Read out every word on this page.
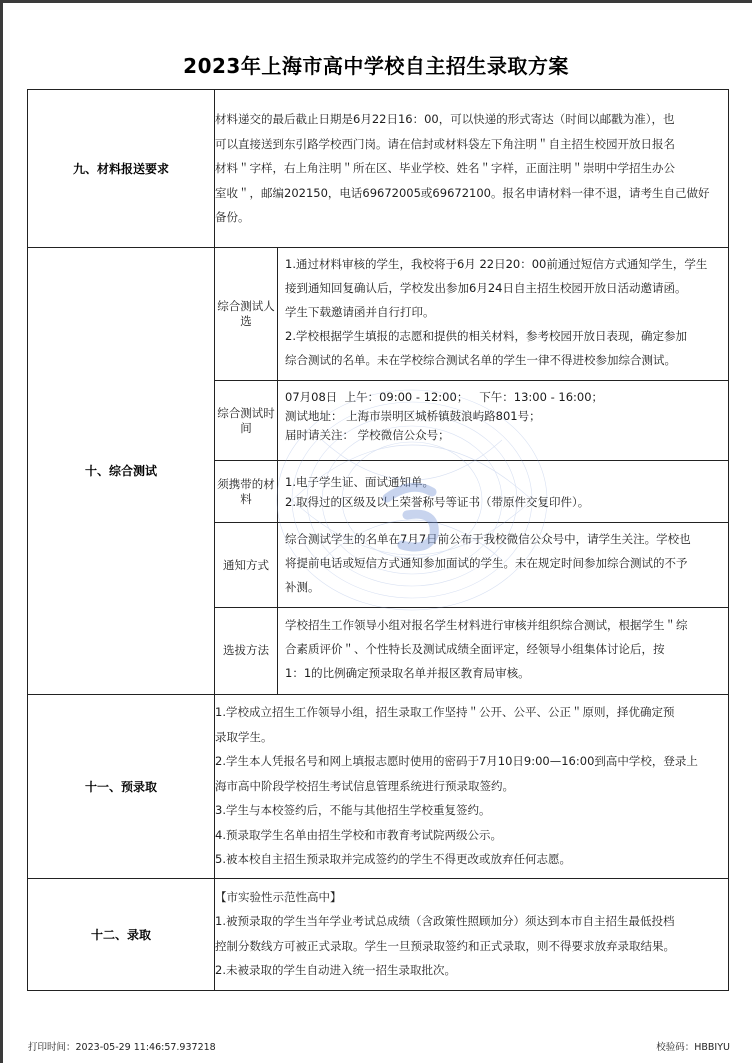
2023年上海市高中学校自主招生录取方案
九、材料报送要求	
材料递交的最后截止日期是6月22日16：00，可以快递的形式寄达（时间以邮戳为准），也
可以直接送到东引路学校西门岗。请在信封或材料袋左下角注明＂自主招生校园开放日报名
材料＂字样，右上角注明＂所在区、毕业学校、姓名＂字样，正面注明＂崇明中学招生办公
室收＂，邮编202150，电话69672005或69672100。报名申请材料一律不退，请考生自己做好
备份。

十、综合测试	
综合测试人选	
1.通过材料审核的学生，我校将于6月 22日20：00前通过短信方式通知学生，学生
接到通知回复确认后，学校发出参加6月24日自主招生校园开放日活动邀请函。
学生下载邀请函并自行打印。
2.学校根据学生填报的志愿和提供的相关材料，参考校园开放日表现，确定参加
综合测试的名单。未在学校综合测试名单的学生一律不得进校参加综合测试。

综合测试时间	
07月08日  上午：09:00 - 12:00；   下午：13:00 - 16:00；
测试地址： 上海市崇明区城桥镇鼓浪屿路801号；
届时请关注： 学校微信公众号；

须携带的材料	
1.电子学生证、面试通知单。
2.取得过的区级及以上荣誉称号等证书（带原件交复印件）。

通知方式	
综合测试学生的名单在7月7日前公布于我校微信公众号中，请学生关注。学校也
将提前电话或短信方式通知参加面试的学生。未在规定时间参加综合测试的不予
补测。

选拔方法	
学校招生工作领导小组对报名学生材料进行审核并组织综合测试，根据学生＂综
合素质评价＂、个性特长及测试成绩全面评定，经领导小组集体讨论后，按
1：1的比例确定预录取名单并报区教育局审核。

十一、预录取	
1.学校成立招生工作领导小组，招生录取工作坚持＂公开、公平、公正＂原则，择优确定预
录取学生。
2.学生本人凭报名号和网上填报志愿时使用的密码于7月10日9:00—16:00到高中学校，登录上
海市高中阶段学校招生考试信息管理系统进行预录取签约。
3.学生与本校签约后，不能与其他招生学校重复签约。
4.预录取学生名单由招生学校和市教育考试院两级公示。
5.被本校自主招生预录取并完成签约的学生不得更改或放弃任何志愿。

十二、录取	
【市实验性示范性高中】
1.被预录取的学生当年学业考试总成绩（含政策性照顾加分）须达到本市自主招生最低投档
控制分数线方可被正式录取。学生一旦预录取签约和正式录取，则不得要求放弃录取结果。
2.未被录取的学生自动进入统一招生录取批次。
打印时间：2023-05-29 11:46:57.937218	校验码：HBBIYU
